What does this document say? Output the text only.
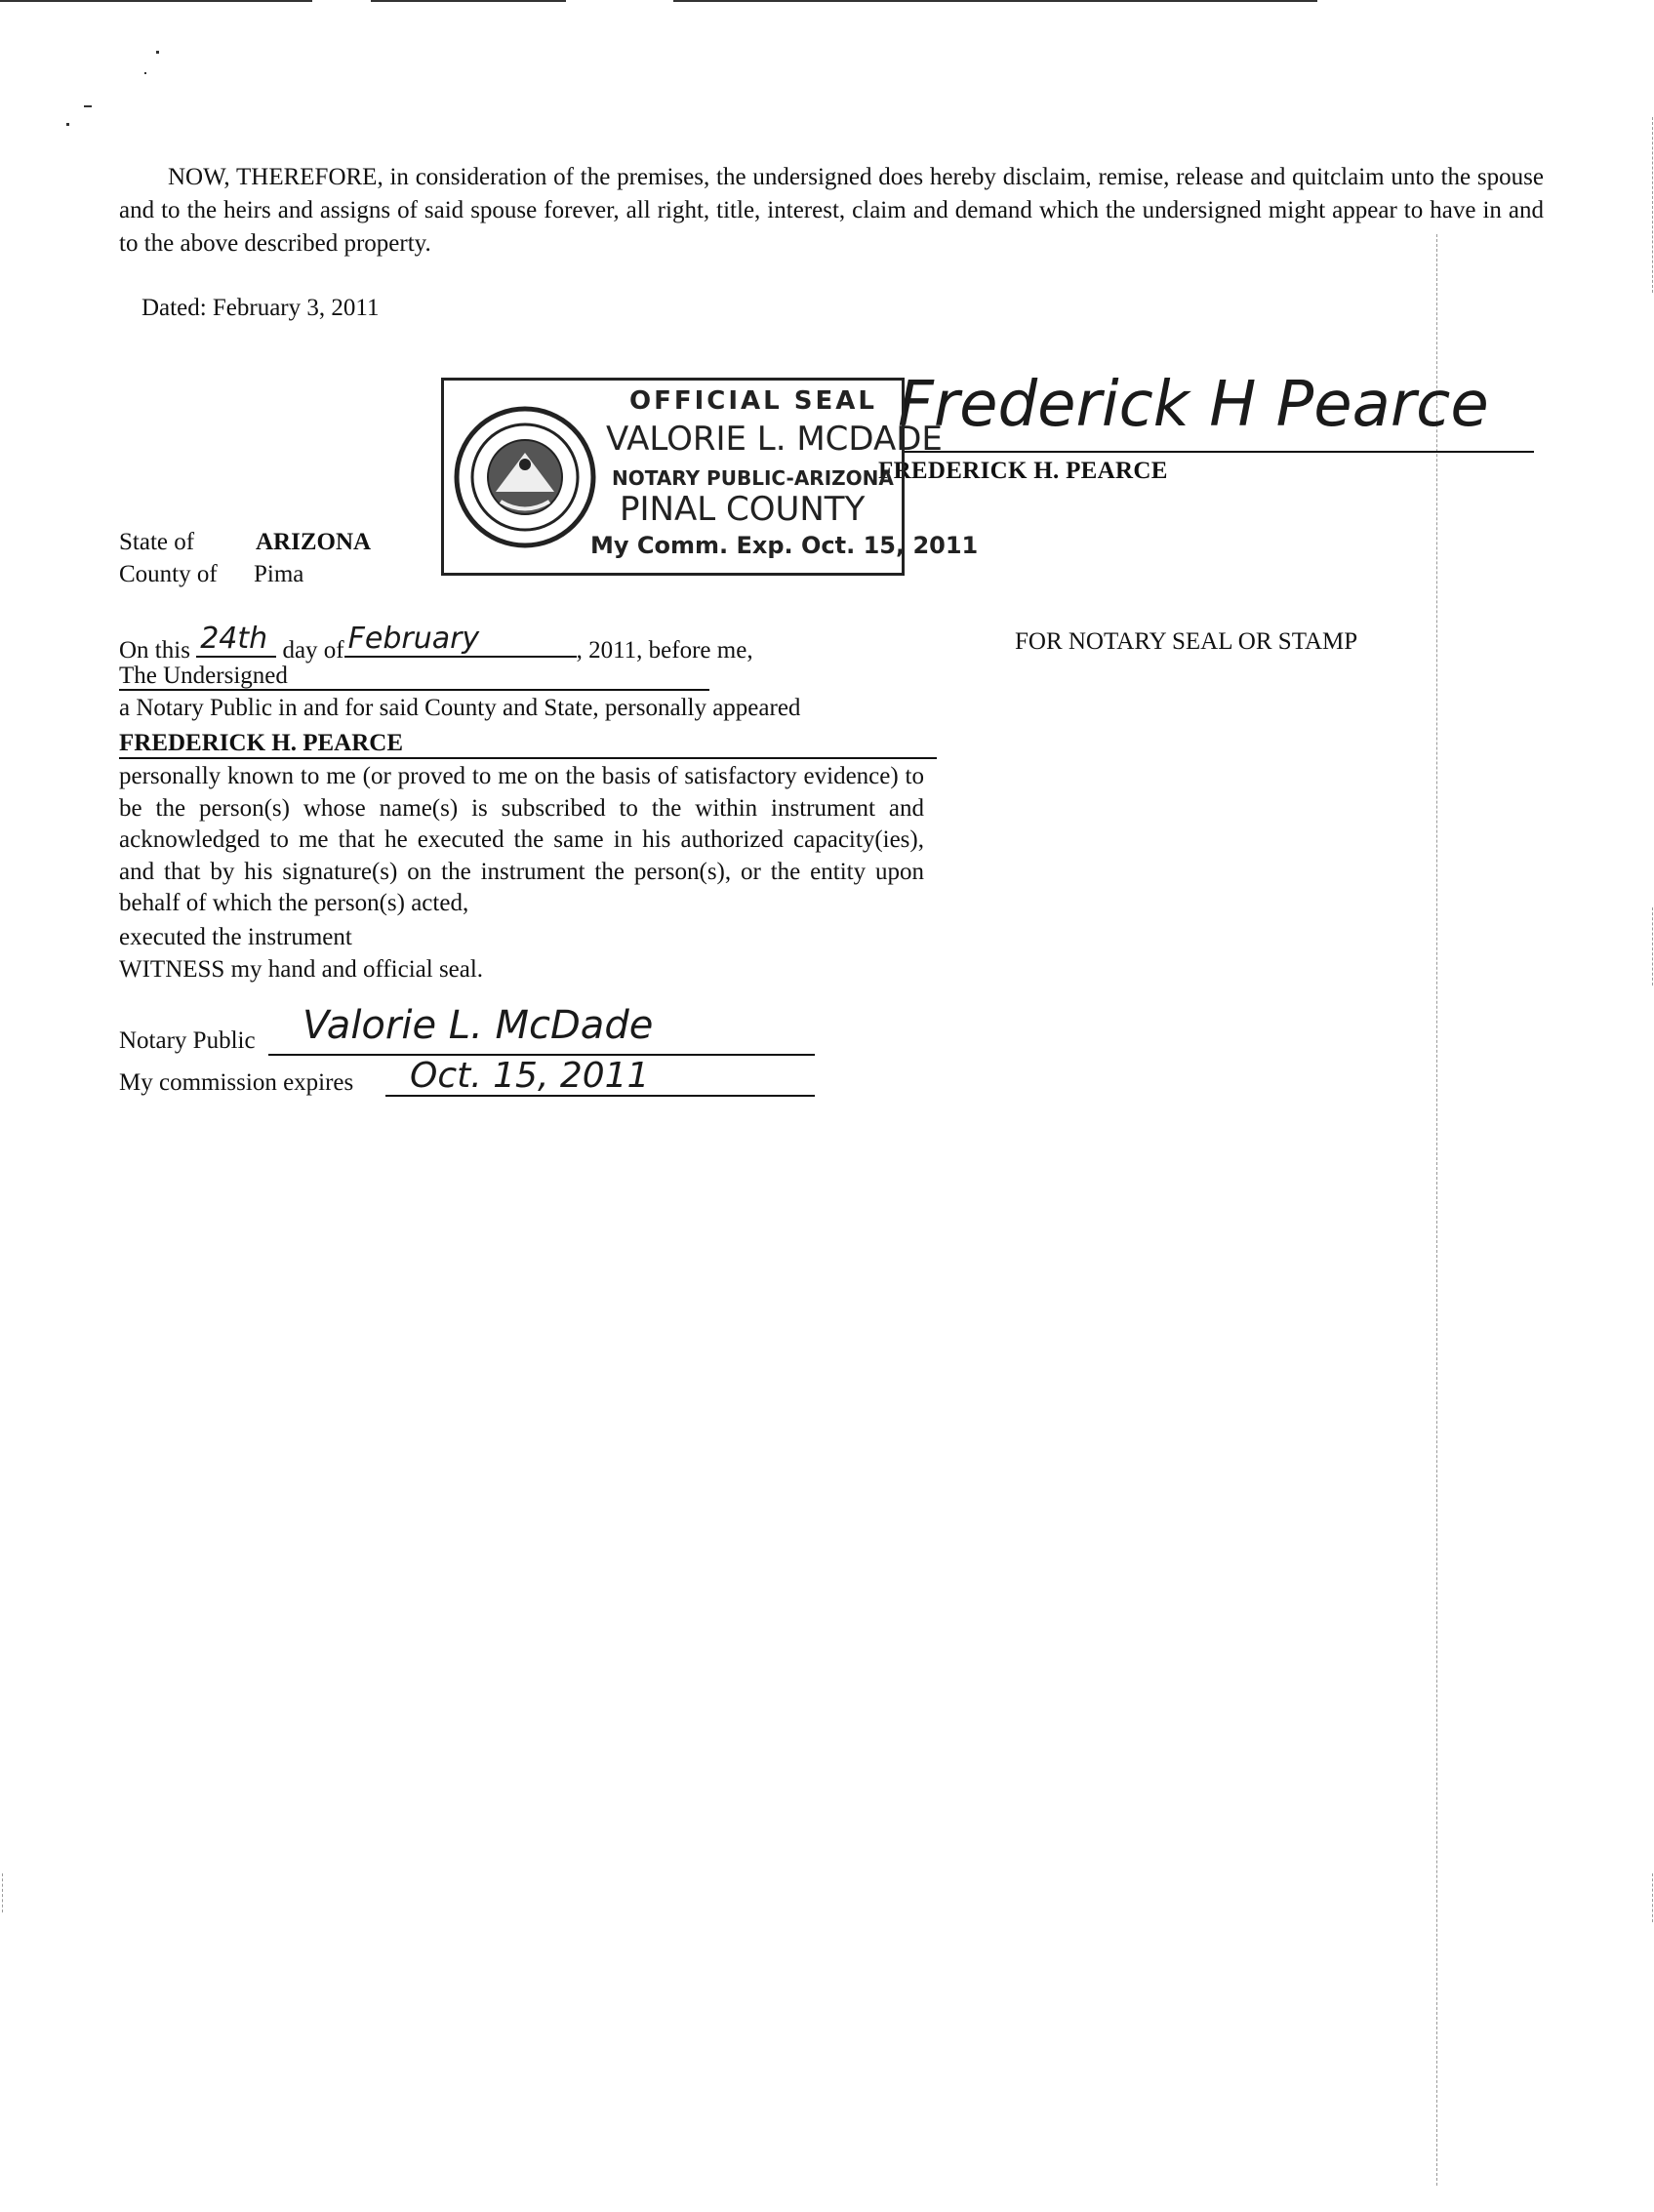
NOW, THEREFORE, in consideration of the premises, the undersigned does hereby disclaim, remise, release and quitclaim unto the spouse and to the heirs and assigns of said spouse forever, all right, title, interest, claim and demand which the undersigned might appear to have in and to the above described property.
Dated: February 3, 2011
Frederick H Pearce
FREDERICK H. PEARCE
OFFICIAL SEAL
VALORIE L. MCDADE
NOTARY PUBLIC-ARIZONA
PINAL COUNTY
My Comm. Exp. Oct. 15, 2011
State of	ARIZONA
County of Pima
FOR NOTARY SEAL OR STAMP
On this 24th day of February	, 2011, before me,
The Undersigned
a Notary Public in and for said County and State, personally appeared
FREDERICK H. PEARCE
personally known to me (or proved to me on the basis of satisfactory evidence) to be the person(s) whose name(s) is subscribed to the within instrument and acknowledged to me that he executed the same in his authorized capacity(ies), and that by his signature(s) on the instrument the person(s), or the entity upon behalf of which the person(s) acted,
executed the instrument
WITNESS my hand and official seal.
Notary Public Valorie L. McDade
My commission expires Oct. 15, 2011
